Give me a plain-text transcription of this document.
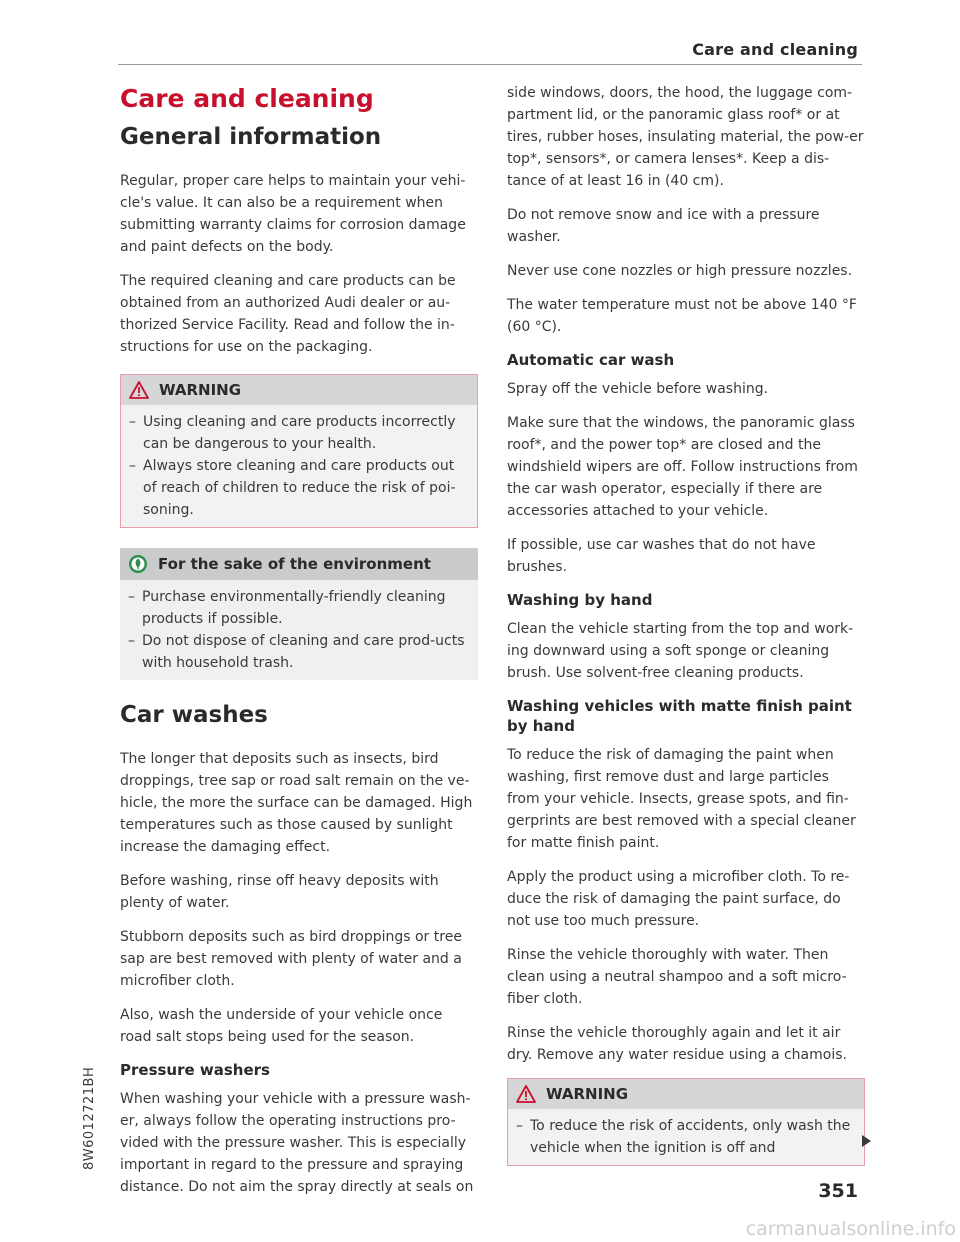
Care and cleaning
Care and cleaning
General information

Regular, proper care helps to maintain your vehi-cle's value. It can also be a requirement when submitting warranty claims for corrosion damage and paint defects on the body.

The required cleaning and care products can be obtained from an authorized Audi dealer or au-thorized Service Facility. Read and follow the in-structions for use on the packaging.

WARNING
– Using cleaning and care products incorrectly can be dangerous to your health.
– Always store cleaning and care products out of reach of children to reduce the risk of poi-soning.
For the sake of the environment
– Purchase environmentally-friendly cleaning products if possible.
– Do not dispose of cleaning and care prod-ucts with household trash.
Car washes

The longer that deposits such as insects, bird droppings, tree sap or road salt remain on the ve-hicle, the more the surface can be damaged. High temperatures such as those caused by sunlight increase the damaging effect.

Before washing, rinse off heavy deposits with plenty of water.

Stubborn deposits such as bird droppings or tree sap are best removed with plenty of water and a microfiber cloth.

Also, wash the underside of your vehicle once road salt stops being used for the season.

Pressure washers

When washing your vehicle with a pressure wash-er, always follow the operating instructions pro-vided with the pressure washer. This is especially important in regard to the pressure and spraying distance. Do not aim the spray directly at seals on

side windows, doors, the hood, the luggage com-partment lid, or the panoramic glass roof* or at tires, rubber hoses, insulating material, the pow-er top*, sensors*, or camera lenses*. Keep a dis-tance of at least 16 in (40 cm).

Do not remove snow and ice with a pressure washer.

Never use cone nozzles or high pressure nozzles.

The water temperature must not be above 140 °F (60 °C).

Automatic car wash

Spray off the vehicle before washing.

Make sure that the windows, the panoramic glass roof*, and the power top* are closed and the windshield wipers are off. Follow instructions from the car wash operator, especially if there are accessories attached to your vehicle.

If possible, use car washes that do not have brushes.

Washing by hand

Clean the vehicle starting from the top and work-ing downward using a soft sponge or cleaning brush. Use solvent-free cleaning products.

Washing vehicles with matte finish paint by hand

To reduce the risk of damaging the paint when washing, first remove dust and large particles from your vehicle. Insects, grease spots, and fin-gerprints are best removed with a special cleaner for matte finish paint.

Apply the product using a microfiber cloth. To re-duce the risk of damaging the paint surface, do not use too much pressure.

Rinse the vehicle thoroughly with water. Then clean using a neutral shampoo and a soft micro-fiber cloth.

Rinse the vehicle thoroughly again and let it air dry. Remove any water residue using a chamois.

WARNING
– To reduce the risk of accidents, only wash the vehicle when the ignition is off and
8W6012721BH
351
carmanualsonline.info
